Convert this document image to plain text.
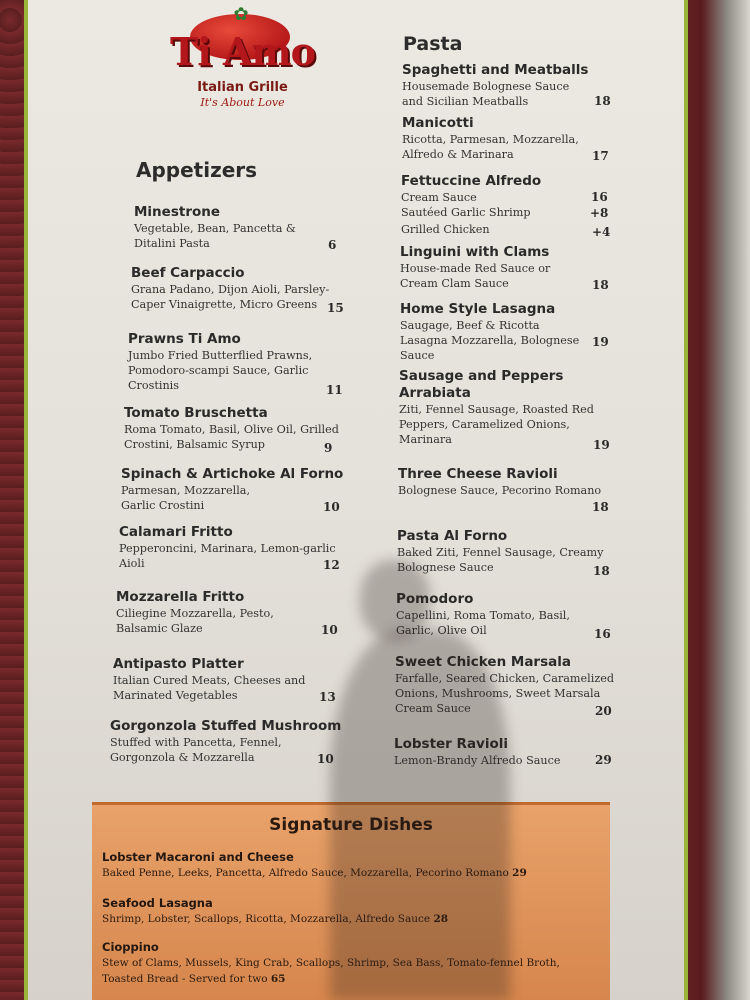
✿
Ti Amo
Italian Grille
It's About Love
Appetizers
Pasta
Minestrone
Vegetable, Bean, Pancetta & Ditalini Pasta	6
Beef Carpaccio
Grana Padano, Dijon Aioli, Parsley-Caper Vinaigrette, Micro Greens 15
Prawns Ti Amo
Jumbo Fried Butterflied Prawns, Pomodoro-scampi Sauce, Garlic Crostinis	11
Tomato Bruschetta
Roma Tomato, Basil, Olive Oil, Grilled Crostini, Balsamic Syrup	9
Spinach & Artichoke Al Forno
Parmesan, Mozzarella, Garlic Crostini	10
Calamari Fritto
Pepperoncini, Marinara, Lemon-garlic Aioli	12
Mozzarella Fritto
Ciliegine Mozzarella, Pesto, Balsamic Glaze	10
Antipasto Platter
Italian Cured Meats, Cheeses and Marinated Vegetables	13
Gorgonzola Stuffed Mushroom
Stuffed with Pancetta, Fennel, Gorgonzola & Mozzarella	10
Spaghetti and Meatballs
Housemade Bolognese Sauce and Sicilian Meatballs	18
Manicotti
Ricotta, Parmesan, Mozzarella, Alfredo & Marinara	17
Fettuccine Alfredo
Cream Sauce	16
Sautéed Garlic Shrimp	+8
Grilled Chicken	+4
Linguini with Clams
House-made Red Sauce or Cream Clam Sauce	18
Home Style Lasagna
Saugage, Beef & Ricotta Lasagna Mozzarella, Bolognese Sauce
19
Sausage and Peppers Arrabiata
Ziti, Fennel Sausage, Roasted Red Peppers, Caramelized Onions, Marinara	19
Three Cheese Ravioli
Bolognese Sauce, Pecorino Romano
18
Pasta Al Forno
Baked Ziti, Fennel Sausage, Creamy Bolognese Sauce	18
Pomodoro
Capellini, Roma Tomato, Basil, Garlic, Olive Oil	16
Sweet Chicken Marsala
Farfalle, Seared Chicken, Caramelized Onions, Mushrooms, Sweet Marsala Cream Sauce	20
Lobster Ravioli
Lemon-Brandy Alfredo Sauce	29
Signature Dishes
Lobster Macaroni and Cheese
Baked Penne, Leeks, Pancetta, Alfredo Sauce, Mozzarella, Pecorino Romano 29
Seafood Lasagna
Shrimp, Lobster, Scallops, Ricotta, Mozzarella, Alfredo Sauce 28
Cioppino
Stew of Clams, Mussels, King Crab, Scallops, Shrimp, Sea Bass, Tomato-fennel Broth, Toasted Bread - Served for two 65
